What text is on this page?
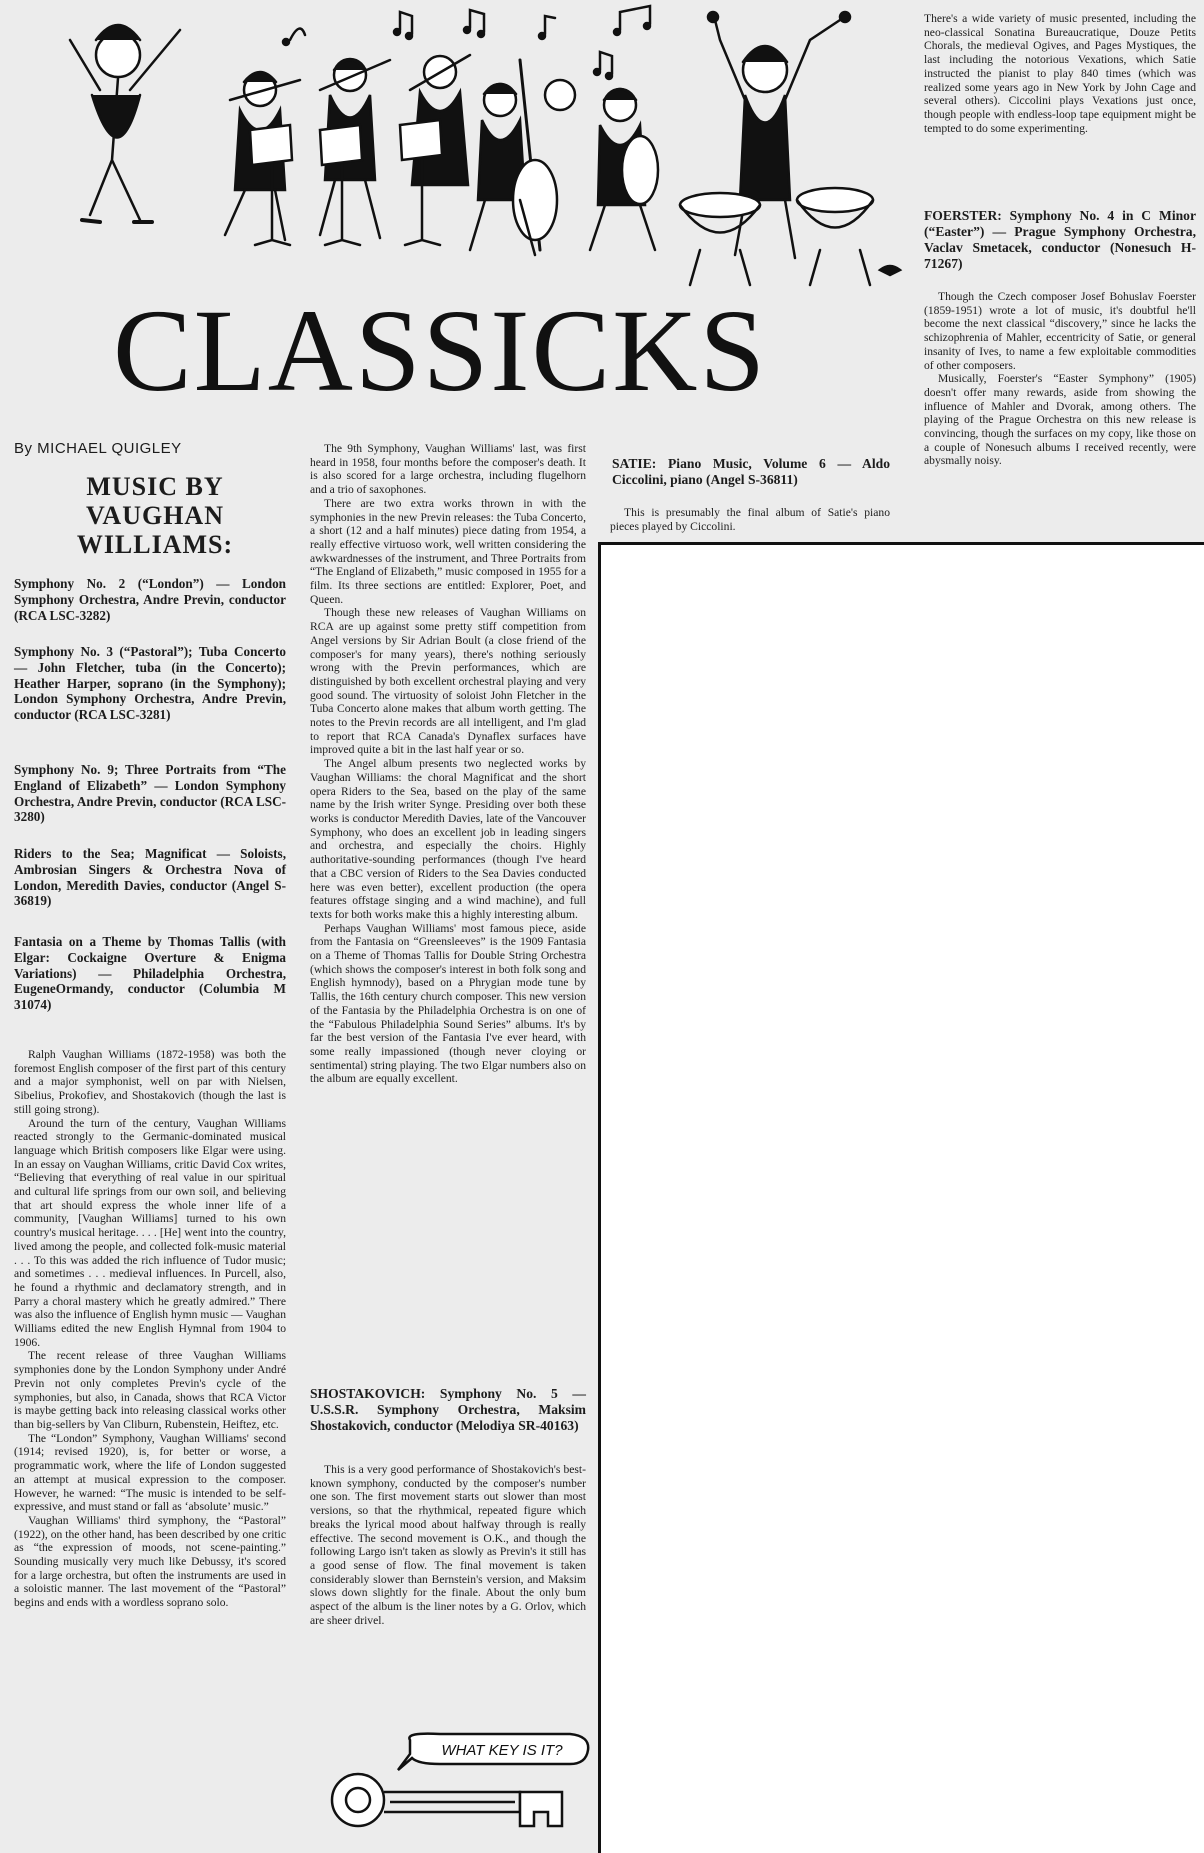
CLASSICKS
By MICHAEL QUIGLEY
MUSIC BY VAUGHAN WILLIAMS:
Symphony No. 2 (“London”) — London Symphony Orchestra, Andre Previn, conductor (RCA LSC-3282)
Symphony No. 3 (“Pastoral”); Tuba Concerto — John Fletcher, tuba (in the Concerto); Heather Harper, soprano (in the Symphony); London Symphony Orchestra, Andre Previn, conductor (RCA LSC-3281)
Symphony No. 9; Three Portraits from “The England of Elizabeth” — London Symphony Orchestra, Andre Previn, conductor (RCA LSC-3280)
Riders to the Sea; Magnificat — Soloists, Ambrosian Singers & Orchestra Nova of London, Meredith Davies, conductor (Angel S-36819)
Fantasia on a Theme by Thomas Tallis (with Elgar: Cockaigne Overture & Enigma Variations) — Philadelphia Orchestra, EugeneOrmandy, conductor (Columbia M 31074)

Ralph Vaughan Williams (1872-1958) was both the foremost English composer of the first part of this century and a major symphonist, well on par with Nielsen, Sibelius, Prokofiev, and Shostakovich (though the last is still going strong).

Around the turn of the century, Vaughan Williams reacted strongly to the Germanic-dominated musical language which British composers like Elgar were using. In an essay on Vaughan Williams, critic David Cox writes, “Believing that everything of real value in our spiritual and cultural life springs from our own soil, and believing that art should express the whole inner life of a community, [Vaughan Williams] turned to his own country's musical heritage. . . . [He] went into the country, lived among the people, and collected folk-music material . . . To this was added the rich influence of Tudor music; and sometimes . . . medieval influences. In Purcell, also, he found a rhythmic and declamatory strength, and in Parry a choral mastery which he greatly admired.” There was also the influence of English hymn music — Vaughan Williams edited the new English Hymnal from 1904 to 1906.

The recent release of three Vaughan Williams symphonies done by the London Symphony under André Previn not only completes Previn's cycle of the symphonies, but also, in Canada, shows that RCA Victor is maybe getting back into releasing classical works other than big-sellers by Van Cliburn, Rubenstein, Heiftez, etc.

The “London” Symphony, Vaughan Williams' second (1914; revised 1920), is, for better or worse, a programmatic work, where the life of London suggested an attempt at musical expression to the composer. However, he warned: “The music is intended to be self-expressive, and must stand or fall as ‘absolute’ music.”

Vaughan Williams' third symphony, the “Pastoral” (1922), on the other hand, has been described by one critic as “the expression of moods, not scene-painting.” Sounding musically very much like Debussy, it's scored for a large orchestra, but often the instruments are used in a soloistic manner. The last movement of the “Pastoral” begins and ends with a wordless soprano solo.

The 9th Symphony, Vaughan Williams' last, was first heard in 1958, four months before the composer's death. It is also scored for a large orchestra, including flugelhorn and a trio of saxophones.

There are two extra works thrown in with the symphonies in the new Previn releases: the Tuba Concerto, a short (12 and a half minutes) piece dating from 1954, a really effective virtuoso work, well written considering the awkwardnesses of the instrument, and Three Portraits from “The England of Elizabeth,” music composed in 1955 for a film. Its three sections are entitled: Explorer, Poet, and Queen.

Though these new releases of Vaughan Williams on RCA are up against some pretty stiff competition from Angel versions by Sir Adrian Boult (a close friend of the composer's for many years), there's nothing seriously wrong with the Previn performances, which are distinguished by both excellent orchestral playing and very good sound. The virtuosity of soloist John Fletcher in the Tuba Concerto alone makes that album worth getting. The notes to the Previn records are all intelligent, and I'm glad to report that RCA Canada's Dynaflex surfaces have improved quite a bit in the last half year or so.

The Angel album presents two neglected works by Vaughan Williams: the choral Magnificat and the short opera Riders to the Sea, based on the play of the same name by the Irish writer Synge. Presiding over both these works is conductor Meredith Davies, late of the Vancouver Symphony, who does an excellent job in leading singers and orchestra, and especially the choirs. Highly authoritative-sounding performances (though I've heard that a CBC version of Riders to the Sea Davies conducted here was even better), excellent production (the opera features offstage singing and a wind machine), and full texts for both works make this a highly interesting album.

Perhaps Vaughan Williams' most famous piece, aside from the Fantasia on “Greensleeves” is the 1909 Fantasia on a Theme of Thomas Tallis for Double String Orchestra (which shows the composer's interest in both folk song and English hymnody), based on a Phrygian mode tune by Tallis, the 16th century church composer. This new version of the Fantasia by the Philadelphia Orchestra is on one of the “Fabulous Philadelphia Sound Series” albums. It's by far the best version of the Fantasia I've ever heard, with some really impassioned (though never cloying or sentimental) string playing. The two Elgar numbers also on the album are equally excellent.

SHOSTAKOVICH: Symphony No. 5 — U.S.S.R. Symphony Orchestra, Maksim Shostakovich, conductor (Melodiya SR-40163)

This is a very good performance of Shostakovich's best-known symphony, conducted by the composer's number one son. The first movement starts out slower than most versions, so that the rhythmical, repeated figure which breaks the lyrical mood about halfway through is really effective. The second movement is O.K., and though the following Largo isn't taken as slowly as Previn's it still has a good sense of flow. The final movement is taken considerably slower than Bernstein's version, and Maksim slows down slightly for the finale. About the only bum aspect of the album is the liner notes by a G. Orlov, which are sheer drivel.

SATIE: Piano Music, Volume 6 — Aldo Ciccolini, piano (Angel S-36811)

This is presumably the final album of Satie's piano pieces played by Ciccolini.

There's a wide variety of music presented, including the neo-classical Sonatina Bureaucratique, Douze Petits Chorals, the medieval Ogives, and Pages Mystiques, the last including the notorious Vexations, which Satie instructed the pianist to play 840 times (which was realized some years ago in New York by John Cage and several others). Ciccolini plays Vexations just once, though people with endless-loop tape equipment might be tempted to do some experimenting.

FOERSTER: Symphony No. 4 in C Minor (“Easter”) — Prague Symphony Orchestra, Vaclav Smetacek, conductor (Nonesuch H-71267)

Though the Czech composer Josef Bohuslav Foerster (1859-1951) wrote a lot of music, it's doubtful he'll become the next classical “discovery,” since he lacks the schizophrenia of Mahler, eccentricity of Satie, or general insanity of Ives, to name a few exploitable commodities of other composers.

Musically, Foerster's “Easter Symphony” (1905) doesn't offer many rewards, aside from showing the influence of Mahler and Dvorak, among others. The playing of the Prague Orchestra on this new release is convincing, though the surfaces on my copy, like those on a couple of Nonesuch albums I received recently, were abysmally noisy.

WHAT KEY IS IT?
